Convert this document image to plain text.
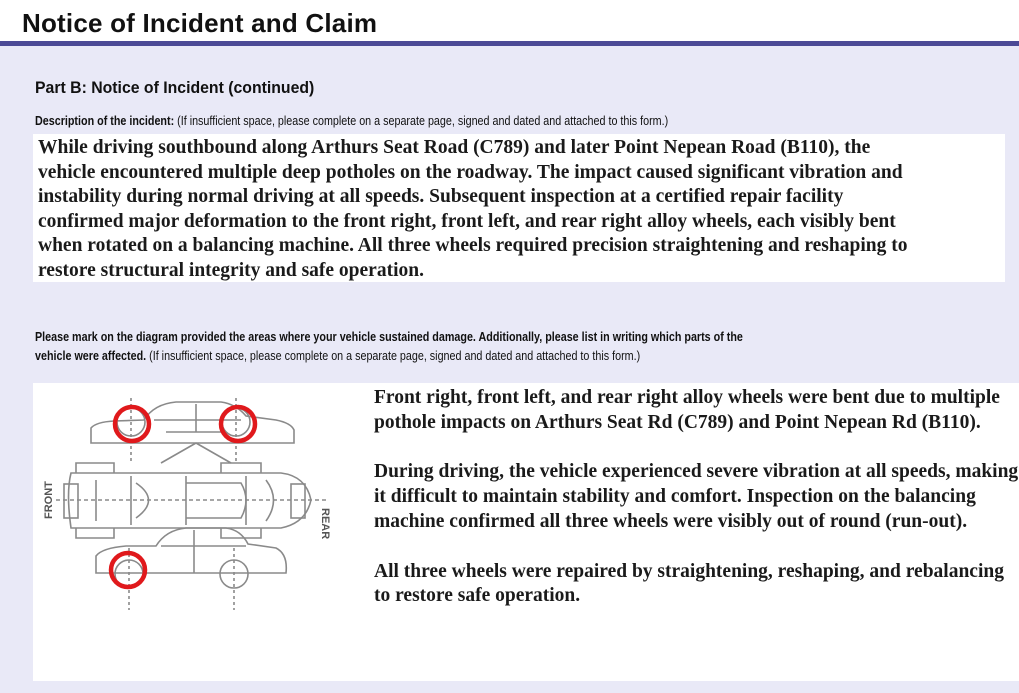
Notice of Incident and Claim
Part B: Notice of Incident (continued)
Description of the incident: (If insufficient space, please complete on a separate page, signed and dated and attached to this form.)
While driving southbound along Arthurs Seat Road (C789) and later Point Nepean Road (B110), the
vehicle encountered multiple deep potholes on the roadway. The impact caused significant vibration and
instability during normal driving at all speeds. Subsequent inspection at a certified repair facility
confirmed major deformation to the front right, front left, and rear right alloy wheels, each visibly bent
when rotated on a balancing machine. All three wheels required precision straightening and reshaping to
restore structural integrity and safe operation.
Please mark on the diagram provided the areas where your vehicle sustained damage. Additionally, please list in writing which parts of the
vehicle were affected. (If insufficient space, please complete on a separate page, signed and dated and attached to this form.)
FRONT
REAR

Front right, front left, and rear right alloy wheels were bent due to multiple pothole impacts on Arthurs Seat Rd (C789) and Point Nepean Rd (B110).

During driving, the vehicle experienced severe vibration at all speeds, making it difficult to maintain stability and comfort. Inspection on the balancing machine confirmed all three wheels were visibly out of round (run-out).

All three wheels were repaired by straightening, reshaping, and rebalancing to restore safe operation.
